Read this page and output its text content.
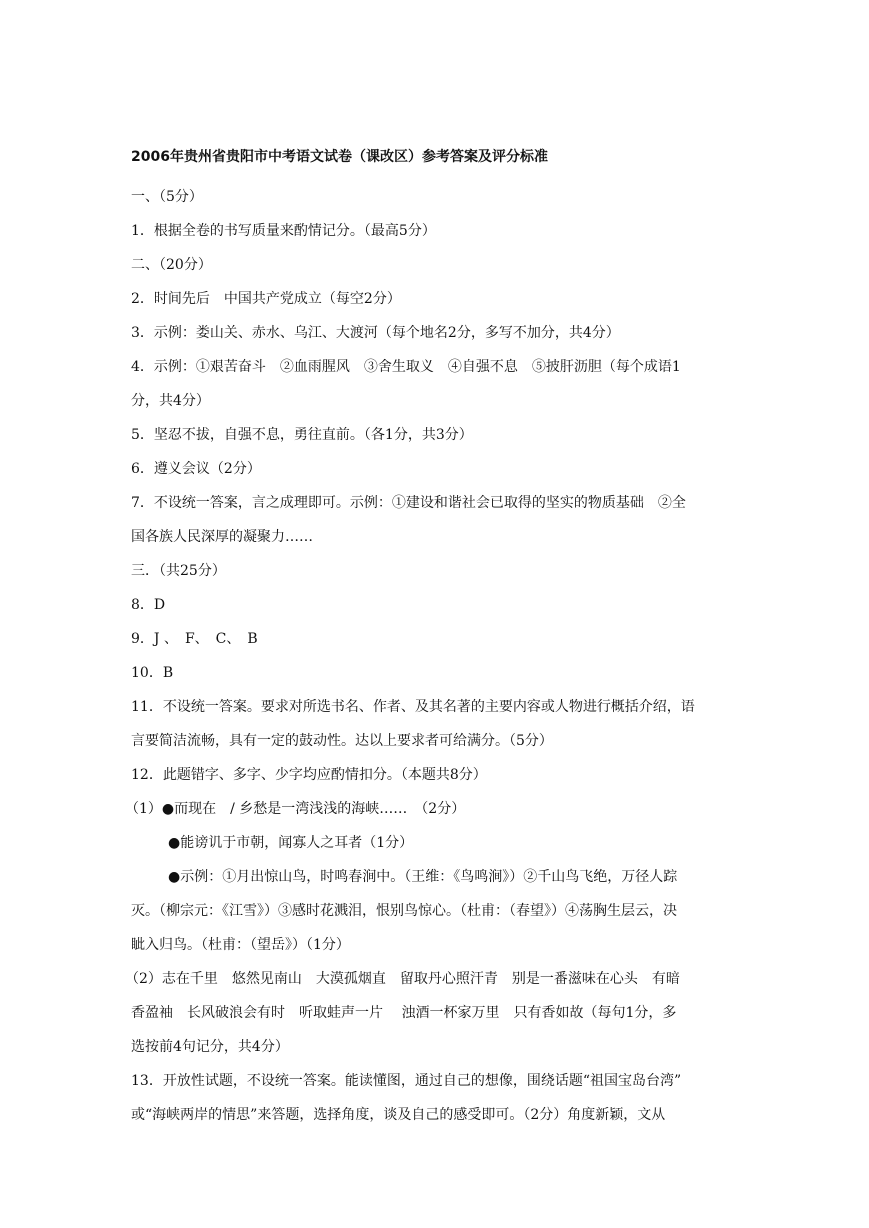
2006年贵州省贵阳市中考语文试卷（课改区）参考答案及评分标准
一、（5分）
1．根据全卷的书写质量来酌情记分。（最高5分）
二、（20分）
2．时间先后　中国共产党成立（每空2分）
3．示例：娄山关、赤水、乌江、大渡河（每个地名2分，多写不加分，共4分）
4．示例：①艰苦奋斗　②血雨腥风　③舍生取义　④自强不息　⑤披肝沥胆（每个成语1
分，共4分）
5．坚忍不拔，自强不息，勇往直前。（各1分，共3分）
6．遵义会议（2分）
7．不设统一答案，言之成理即可。示例：①建设和谐社会已取得的坚实的物质基础　②全
国各族人民深厚的凝聚力……
三．（共25分）
8．D
9．J 、　F、　C、　B
10．B
11．不设统一答案。要求对所选书名、作者、及其名著的主要内容或人物进行概括介绍，语
言要简洁流畅，具有一定的鼓动性。达以上要求者可给满分。（5分）
12．此题错字、多字、少字均应酌情扣分。（本题共8分）
（1）●而现在　/ 乡愁是一湾浅浅的海峡……　（2分）
●能谤讥于市朝，闻寡人之耳者（1分）
●示例：①月出惊山鸟，时鸣春涧中。（王维：《鸟鸣涧》）②千山鸟飞绝，万径人踪
灭。（柳宗元：《江雪》）③感时花溅泪，恨别鸟惊心。（杜甫：（春望》）④荡胸生层云，决
眦入归鸟。（杜甫：（望岳》）（1分）
（2）志在千里　悠然见南山　大漠孤烟直　留取丹心照汗青　别是一番滋味在心头　有暗
香盈袖　长风破浪会有时　听取蛙声一片　 浊酒一杯家万里　只有香如故（每句1分，多
选按前4句记分，共4分）
13．开放性试题，不设统一答案。能读懂图，通过自己的想像，围绕话题“祖国宝岛台湾”
或“海峡两岸的情思”来答题，选择角度，谈及自己的感受即可。（2分）角度新颖，文从
